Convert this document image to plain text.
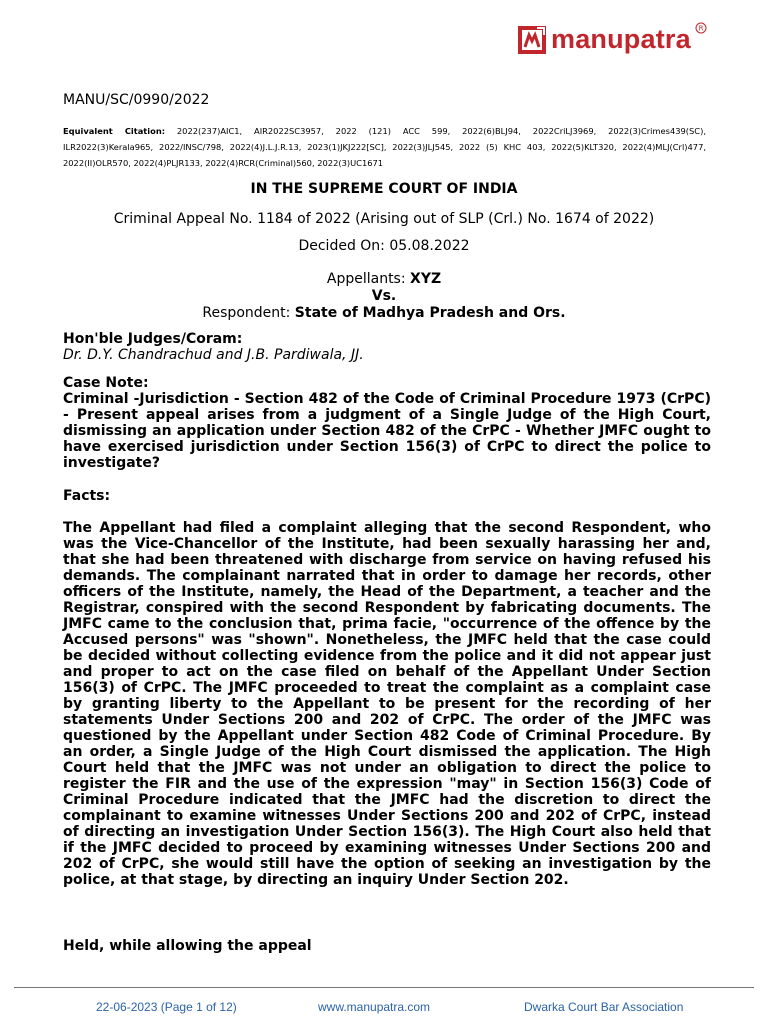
manupatra R
MANU/SC/0990/2022
Equivalent Citation: 2022(237)AIC1, AIR2022SC3957, 2022 (121) ACC 599, 2022(6)BLJ94, 2022CriLJ3969, 2022(3)Crimes439(SC), ILR2022(3)Kerala965, 2022/INSC/798, 2022(4)J.L.J.R.13, 2023(1)JKJ222[SC], 2022(3)JLJ545, 2022 (5) KHC 403, 2022(5)KLT320, 2022(4)MLJ(Crl)477, 2022(II)OLR570, 2022(4)PLJR133, 2022(4)RCR(Criminal)560, 2022(3)UC1671
IN THE SUPREME COURT OF INDIA
Criminal Appeal No. 1184 of 2022 (Arising out of SLP (Crl.) No. 1674 of 2022)
Decided On: 05.08.2022
Appellants: XYZ
Vs.
Respondent: State of Madhya Pradesh and Ors.
Hon'ble Judges/Coram:
Dr. D.Y. Chandrachud and J.B. Pardiwala, JJ.
Case Note:
Criminal -Jurisdiction - Section 482 of the Code of Criminal Procedure 1973 (CrPC) - Present appeal arises from a judgment of a Single Judge of the High Court, dismissing an application under Section 482 of the CrPC - Whether JMFC ought to have exercised jurisdiction under Section 156(3) of CrPC to direct the police to investigate?
Facts:
The Appellant had filed a complaint alleging that the second Respondent, who was the Vice-Chancellor of the Institute, had been sexually harassing her and, that she had been threatened with discharge from service on having refused his demands. The complainant narrated that in order to damage her records, other officers of the Institute, namely, the Head of the Department, a teacher and the Registrar, conspired with the second Respondent by fabricating documents. The JMFC came to the conclusion that, prima facie, "occurrence of the offence by the Accused persons" was "shown". Nonetheless, the JMFC held that the case could be decided without collecting evidence from the police and it did not appear just and proper to act on the case filed on behalf of the Appellant Under Section 156(3) of CrPC. The JMFC proceeded to treat the complaint as a complaint case by granting liberty to the Appellant to be present for the recording of her statements Under Sections 200 and 202 of CrPC. The order of the JMFC was questioned by the Appellant under Section 482 Code of Criminal Procedure. By an order, a Single Judge of the High Court dismissed the application. The High Court held that the JMFC was not under an obligation to direct the police to register the FIR and the use of the expression "may" in Section 156(3) Code of Criminal Procedure indicated that the JMFC had the discretion to direct the complainant to examine witnesses Under Sections 200 and 202 of CrPC, instead of directing an investigation Under Section 156(3). The High Court also held that if the JMFC decided to proceed by examining witnesses Under Sections 200 and 202 of CrPC, she would still have the option of seeking an investigation by the police, at that stage, by directing an inquiry Under Section 202.
Held, while allowing the appeal
22-06-2023 (Page 1 of 12)	www.manupatra.com	Dwarka Court Bar Association
